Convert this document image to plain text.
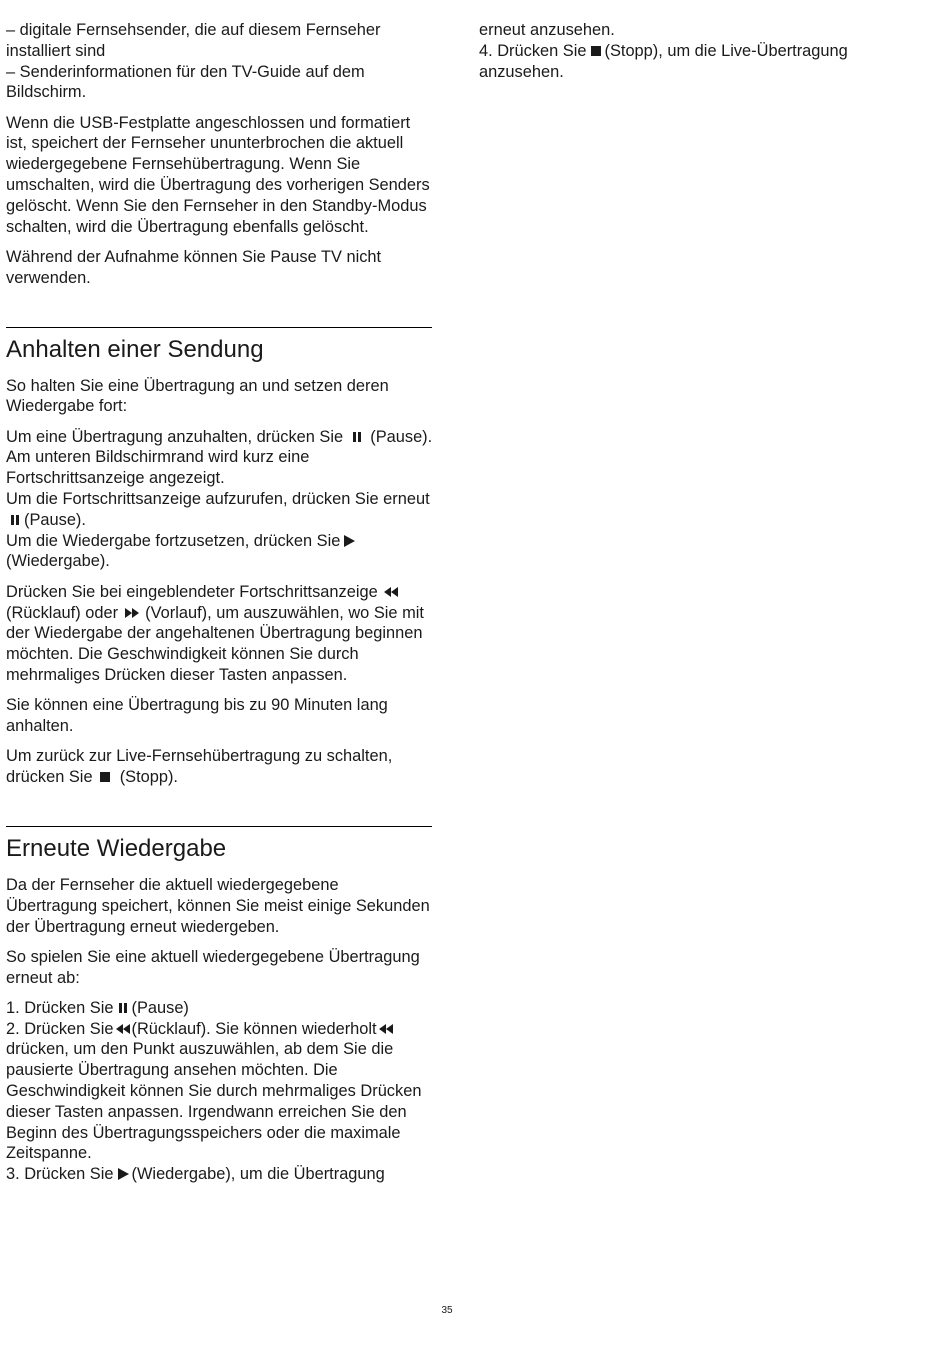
– digitale Fernsehsender, die auf diesem Fernseher installiert sind
– Senderinformationen für den TV-Guide auf dem Bildschirm.

Wenn die USB-Festplatte angeschlossen und formatiert ist, speichert der Fernseher ununterbrochen die aktuell wiedergegebene Fernsehübertragung. Wenn Sie umschalten, wird die Übertragung des vorherigen Senders gelöscht. Wenn Sie den Fernseher in den Standby-Modus schalten, wird die Übertragung ebenfalls gelöscht.

Während der Aufnahme können Sie Pause TV nicht verwenden.

Anhalten einer Sendung

So halten Sie eine Übertragung an und setzen deren Wiedergabe fort:

Um eine Übertragung anzuhalten, drücken Sie (Pause). Am unteren Bildschirmrand wird kurz eine Fortschrittsanzeige angezeigt.
Um die Fortschrittsanzeige aufzurufen, drücken Sie erneut(Pause).
Um die Wiedergabe fortzusetzen, drücken Sie(Wiedergabe).

Drücken Sie bei eingeblendeter Fortschrittsanzeige  (Rücklauf) oder (Vorlauf), um auszuwählen, wo Sie mit der Wiedergabe der angehaltenen Übertragung beginnen möchten. Die Geschwindigkeit können Sie durch mehrmaliges Drücken dieser Tasten anpassen.

Sie können eine Übertragung bis zu 90 Minuten lang anhalten.

Um zurück zur Live-Fernsehübertragung zu schalten, drücken Sie (Stopp).

Erneute Wiedergabe

Da der Fernseher die aktuell wiedergegebene Übertragung speichert, können Sie meist einige Sekunden der Übertragung erneut wiedergeben.

So spielen Sie eine aktuell wiedergegebene Übertragung erneut ab:

1. Drücken Sie (Pause)
2. Drücken Sie (Rücklauf). Sie können wiederholtdrücken, um den Punkt auszuwählen, ab dem Sie die pausierte Übertragung ansehen möchten. Die Geschwindigkeit können Sie durch mehrmaliges Drücken dieser Tasten anpassen. Irgendwann erreichen Sie den Beginn des Übertragungsspeichers oder die maximale Zeitspanne.
3. Drücken Sie (Wiedergabe), um die Übertragung

erneut anzusehen.
4. Drücken Sie (Stopp), um die Live-Übertragung anzusehen.

35
